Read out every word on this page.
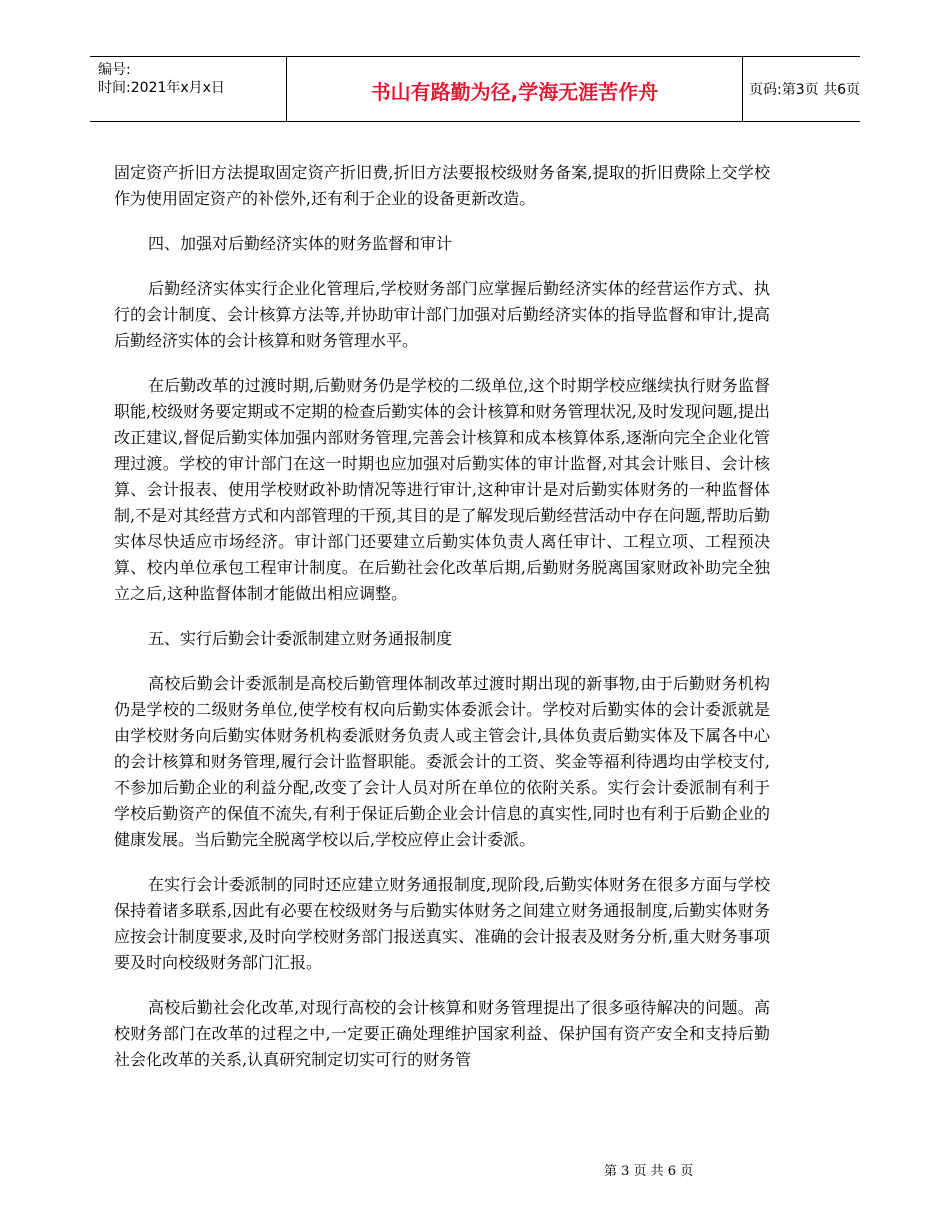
编号:
时间:2021年x月x日	书山有路勤为径,学海无涯苦作舟	页码:第3页 共6页

固定资产折旧方法提取固定资产折旧费,折旧方法要报校级财务备案,提取的折旧费除上交学校作为使用固定资产的补偿外,还有利于企业的设备更新改造。

四、加强对后勤经济实体的财务监督和审计

后勤经济实体实行企业化管理后,学校财务部门应掌握后勤经济实体的经营运作方式、执行的会计制度、会计核算方法等,并协助审计部门加强对后勤经济实体的指导监督和审计,提高后勤经济实体的会计核算和财务管理水平。

在后勤改革的过渡时期,后勤财务仍是学校的二级单位,这个时期学校应继续执行财务监督职能,校级财务要定期或不定期的检查后勤实体的会计核算和财务管理状况,及时发现问题,提出改正建议,督促后勤实体加强内部财务管理,完善会计核算和成本核算体系,逐渐向完全企业化管理过渡。学校的审计部门在这一时期也应加强对后勤实体的审计监督,对其会计账目、会计核算、会计报表、使用学校财政补助情况等进行审计,这种审计是对后勤实体财务的一种监督体制,不是对其经营方式和内部管理的干预,其目的是了解发现后勤经营活动中存在问题,帮助后勤实体尽快适应市场经济。审计部门还要建立后勤实体负责人离任审计、工程立项、工程预决算、校内单位承包工程审计制度。在后勤社会化改革后期,后勤财务脱离国家财政补助完全独立之后,这种监督体制才能做出相应调整。

五、实行后勤会计委派制建立财务通报制度

高校后勤会计委派制是高校后勤管理体制改革过渡时期出现的新事物,由于后勤财务机构仍是学校的二级财务单位,使学校有权向后勤实体委派会计。学校对后勤实体的会计委派就是由学校财务向后勤实体财务机构委派财务负责人或主管会计,具体负责后勤实体及下属各中心的会计核算和财务管理,履行会计监督职能。委派会计的工资、奖金等福利待遇均由学校支付,不参加后勤企业的利益分配,改变了会计人员对所在单位的依附关系。实行会计委派制有利于学校后勤资产的保值不流失,有利于保证后勤企业会计信息的真实性,同时也有利于后勤企业的健康发展。当后勤完全脱离学校以后,学校应停止会计委派。

在实行会计委派制的同时还应建立财务通报制度,现阶段,后勤实体财务在很多方面与学校保持着诸多联系,因此有必要在校级财务与后勤实体财务之间建立财务通报制度,后勤实体财务应按会计制度要求,及时向学校财务部门报送真实、准确的会计报表及财务分析,重大财务事项要及时向校级财务部门汇报。

高校后勤社会化改革,对现行高校的会计核算和财务管理提出了很多亟待解决的问题。高校财务部门在改革的过程之中,一定要正确处理维护国家利益、保护国有资产安全和支持后勤社会化改革的关系,认真研究制定切实可行的财务管

第 3 页 共 6 页
